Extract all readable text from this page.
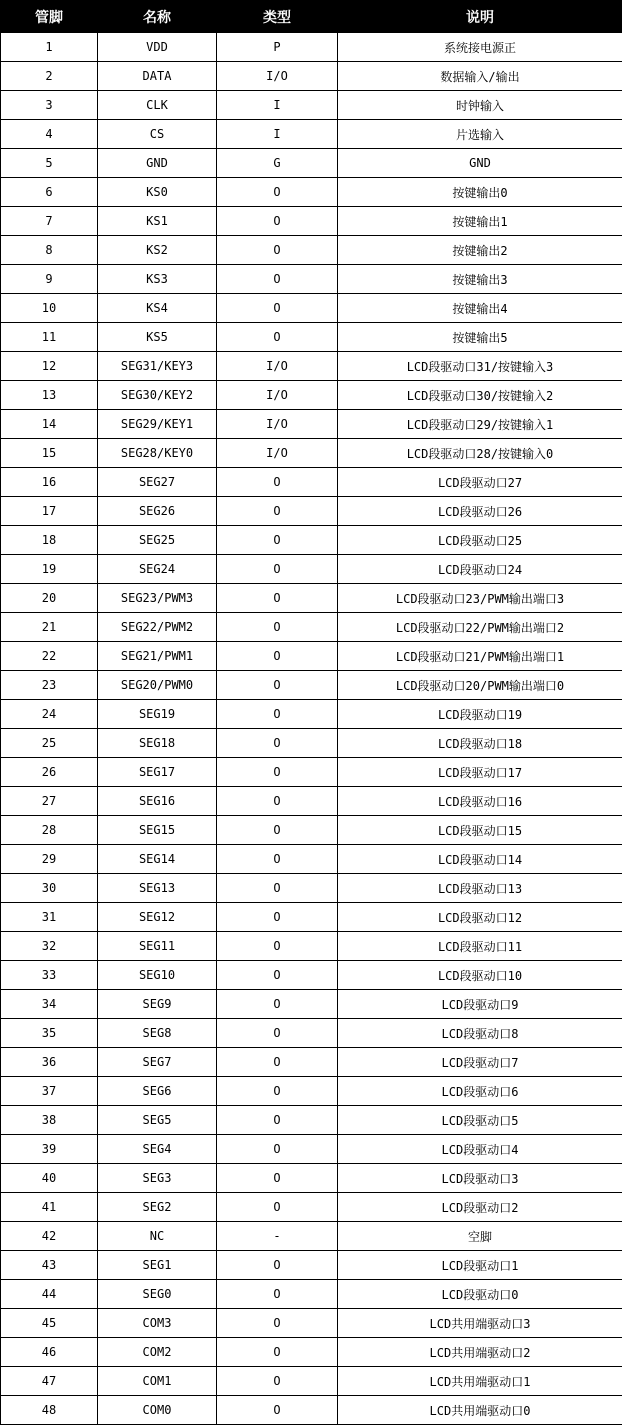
管脚	名称	类型	说明
1	VDD	P	系统接电源正
2	DATA	I/O	数据输入/输出
3	CLK	I	时钟输入
4	CS	I	片选输入
5	GND	G	GND
6	KS0	O	按键输出0
7	KS1	O	按键输出1
8	KS2	O	按键输出2
9	KS3	O	按键输出3
10	KS4	O	按键输出4
11	KS5	O	按键输出5
12	SEG31/KEY3	I/O	LCD段驱动口31/按键输入3
13	SEG30/KEY2	I/O	LCD段驱动口30/按键输入2
14	SEG29/KEY1	I/O	LCD段驱动口29/按键输入1
15	SEG28/KEY0	I/O	LCD段驱动口28/按键输入0
16	SEG27	O	LCD段驱动口27
17	SEG26	O	LCD段驱动口26
18	SEG25	O	LCD段驱动口25
19	SEG24	O	LCD段驱动口24
20	SEG23/PWM3	O	LCD段驱动口23/PWM输出端口3
21	SEG22/PWM2	O	LCD段驱动口22/PWM输出端口2
22	SEG21/PWM1	O	LCD段驱动口21/PWM输出端口1
23	SEG20/PWM0	O	LCD段驱动口20/PWM输出端口0
24	SEG19	O	LCD段驱动口19
25	SEG18	O	LCD段驱动口18
26	SEG17	O	LCD段驱动口17
27	SEG16	O	LCD段驱动口16
28	SEG15	O	LCD段驱动口15
29	SEG14	O	LCD段驱动口14
30	SEG13	O	LCD段驱动口13
31	SEG12	O	LCD段驱动口12
32	SEG11	O	LCD段驱动口11
33	SEG10	O	LCD段驱动口10
34	SEG9	O	LCD段驱动口9
35	SEG8	O	LCD段驱动口8
36	SEG7	O	LCD段驱动口7
37	SEG6	O	LCD段驱动口6
38	SEG5	O	LCD段驱动口5
39	SEG4	O	LCD段驱动口4
40	SEG3	O	LCD段驱动口3
41	SEG2	O	LCD段驱动口2
42	NC	-	空脚
43	SEG1	O	LCD段驱动口1
44	SEG0	O	LCD段驱动口0
45	COM3	O	LCD共用端驱动口3
46	COM2	O	LCD共用端驱动口2
47	COM1	O	LCD共用端驱动口1
48	COM0	O	LCD共用端驱动口0
